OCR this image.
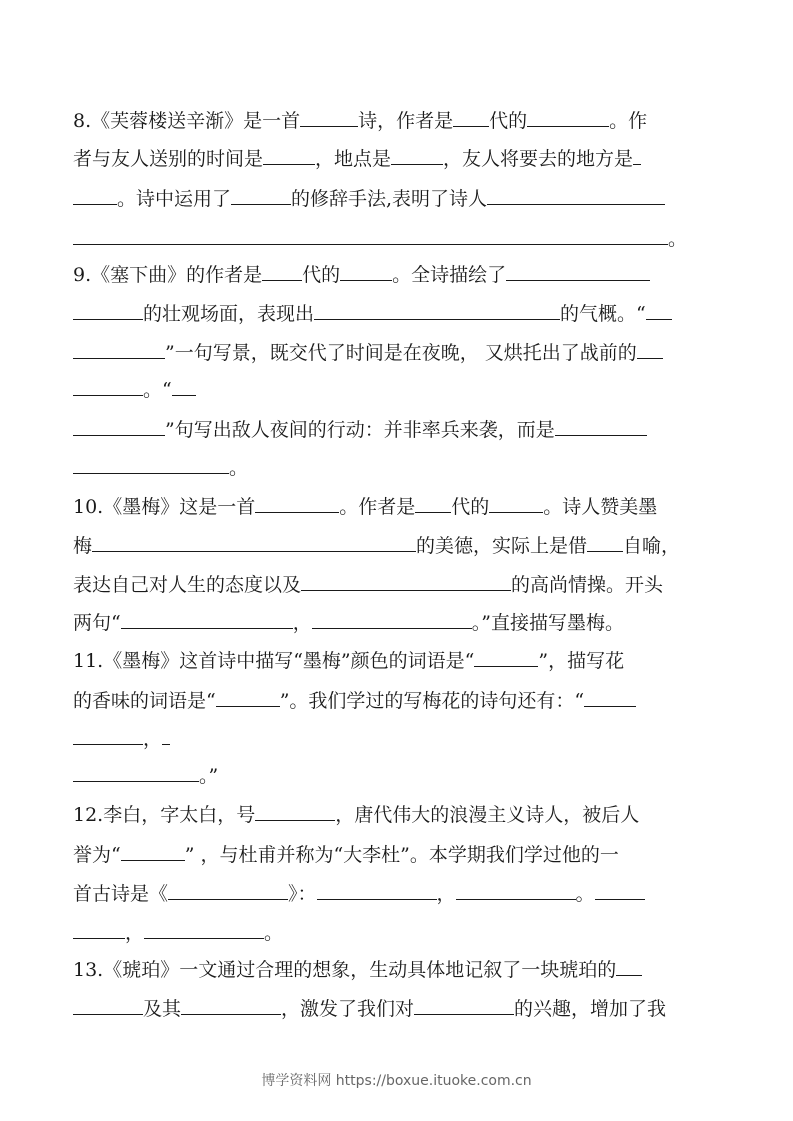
8.《芙蓉楼送辛渐》是一首	诗，作者是 代的	。作
者与友人送别的时间是	，地点是	，友人将要去的地方是
。诗中运用了	的修辞手法,表明了诗人
。
9.《塞下曲》的作者是 代的	。全诗描绘了
的壮观场面，表现出	的气概。“
”一句写景，既交代了时间是在夜晚， 又烘托出了战前的
。“
”句写出敌人夜间的行动：并非率兵来袭，而是
。
10.《墨梅》这是一首	。作者是 代的	。诗人赞美墨
梅	的美德，实际上是借 自喻，
表达自己对人生的态度以及	的高尚情操。开头
两句“	，	。”直接描写墨梅。
11.《墨梅》这首诗中描写“墨梅”颜色的词语是“	”，描写花
的香味的词语是“	”。我们学过的写梅花的诗句还有：“
，
。”
12.李白，字太白，号	，唐代伟大的浪漫主义诗人，被后人
誉为“	” ，与杜甫并称为“大李杜”。本学期我们学过他的一
首古诗是《	》：	，	。
，	。
13.《琥珀》一文通过合理的想象，生动具体地记叙了一块琥珀的
及其	，激发了我们对	的兴趣，增加了我
博学资料网 https://boxue.ituoke.com.cn
